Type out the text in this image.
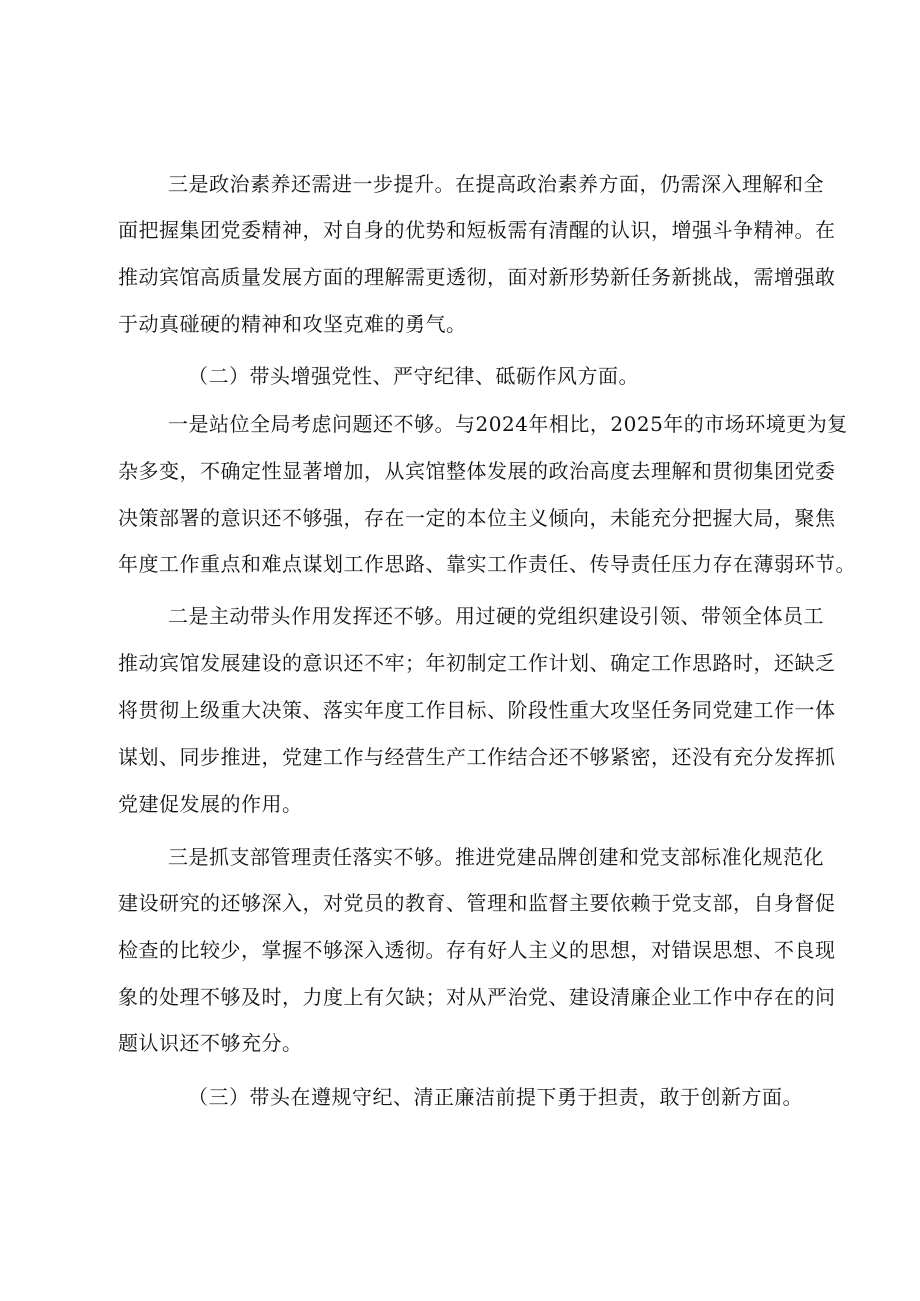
三是政治素养还需进一步提升。在提高政治素养方面，仍需深入理解和全
面把握集团党委精神，对自身的优势和短板需有清醒的认识，增强斗争精神。在
推动宾馆高质量发展方面的理解需更透彻，面对新形势新任务新挑战，需增强敢
于动真碰硬的精神和攻坚克难的勇气。
（二）带头增强党性、严守纪律、砥砺作风方面。
一是站位全局考虑问题还不够。与2024年相比，2025年的市场环境更为复
杂多变，不确定性显著增加，从宾馆整体发展的政治高度去理解和贯彻集团党委
决策部署的意识还不够强，存在一定的本位主义倾向，未能充分把握大局，聚焦
年度工作重点和难点谋划工作思路、靠实工作责任、传导责任压力存在薄弱环节。
二是主动带头作用发挥还不够。用过硬的党组织建设引领、带领全体员工
推动宾馆发展建设的意识还不牢；年初制定工作计划、确定工作思路时，还缺乏
将贯彻上级重大决策、落实年度工作目标、阶段性重大攻坚任务同党建工作一体
谋划、同步推进，党建工作与经营生产工作结合还不够紧密，还没有充分发挥抓
党建促发展的作用。
三是抓支部管理责任落实不够。推进党建品牌创建和党支部标准化规范化
建设研究的还够深入，对党员的教育、管理和监督主要依赖于党支部，自身督促
检查的比较少，掌握不够深入透彻。存有好人主义的思想，对错误思想、不良现
象的处理不够及时，力度上有欠缺；对从严治党、建设清廉企业工作中存在的问
题认识还不够充分。
（三）带头在遵规守纪、清正廉洁前提下勇于担责，敢于创新方面。
